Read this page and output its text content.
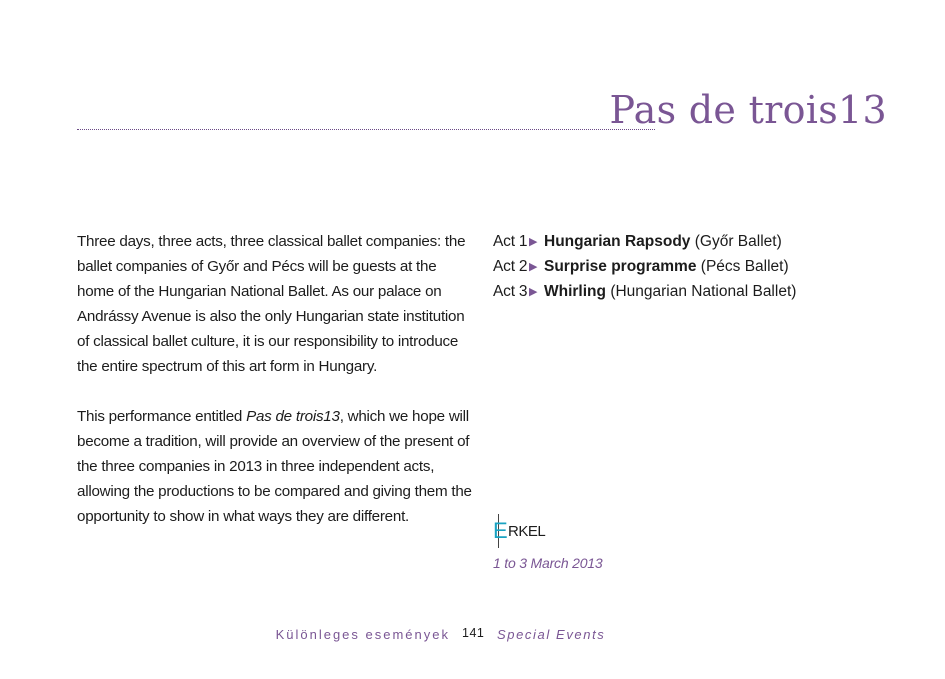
Pas de trois13

Three days, three acts, three classical ballet companies: the ballet companies of Győr and Pécs will be guests at the home of the Hungarian National Ballet. As our palace on Andrássy Avenue is also the only Hungarian state institution of classical ballet culture, it is our responsibility to introduce the entire spectrum of this art form in Hungary.

This performance entitled Pas de trois13, which we hope will become a tradition, will provide an overview of the present of the three companies in 2013 in three independent acts, allowing the productions to be compared and giving them the opportunity to show in what ways they are different.

Act 1 ▶ Hungarian Rapsody (Győr Ballet)
Act 2 ▶ Surprise programme (Pécs Ballet)
Act 3 ▶ Whirling (Hungarian National Ballet)
E RKEL
1 to 3 March 2013
Különleges események 141 Special Events
